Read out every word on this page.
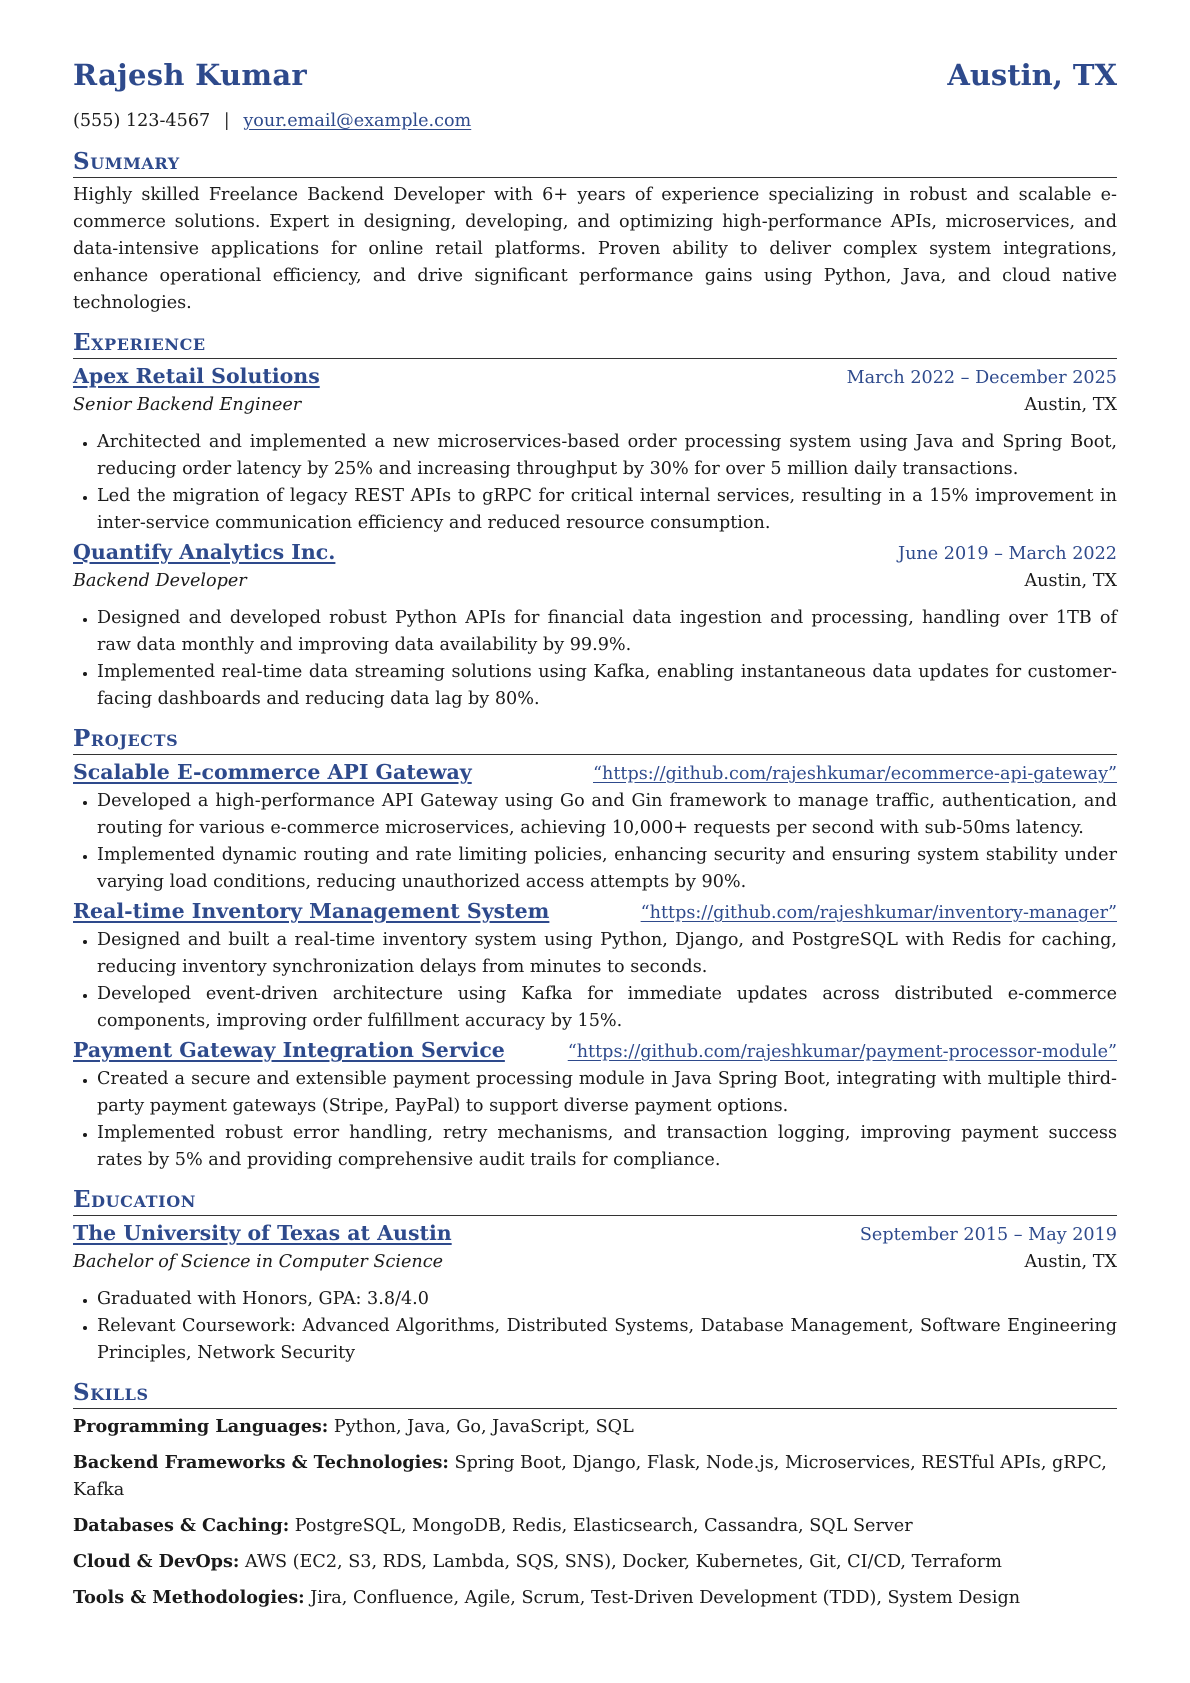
Rajesh Kumar	Austin, TX
(555) 123-4567 | your.email@example.com
Summary

Highly skilled Freelance Backend Developer with 6+ years of experience specializing in robust and scalable e-commerce solutions. Expert in designing, developing, and optimizing high-performance APIs, microservices, and data-intensive applications for online retail platforms. Proven ability to deliver complex system integrations, enhance operational efficiency, and drive significant performance gains using Python, Java, and cloud native technologies.

Experience
Apex Retail Solutions	March 2022 – December 2025
Senior Backend Engineer	Austin, TX
• Architected and implemented a new microservices-based order processing system using Java and Spring Boot, reducing order latency by 25% and increasing throughput by 30% for over 5 million daily transactions.
• Led the migration of legacy REST APIs to gRPC for critical internal services, resulting in a 15% improvement in inter-service communication efficiency and reduced resource consumption.
Quantify Analytics Inc.	June 2019 – March 2022
Backend Developer	Austin, TX
• Designed and developed robust Python APIs for financial data ingestion and processing, handling over 1TB of raw data monthly and improving data availability by 99.9%.
• Implemented real-time data streaming solutions using Kafka, enabling instantaneous data updates for customer-facing dashboards and reducing data lag by 80%.
Projects
Scalable E-commerce API Gateway	“https://github.com/rajeshkumar/ecommerce-api-gateway”
• Developed a high-performance API Gateway using Go and Gin framework to manage traffic, authentication, and routing for various e-commerce microservices, achieving 10,000+ requests per second with sub-50ms latency.
• Implemented dynamic routing and rate limiting policies, enhancing security and ensuring system stability under varying load conditions, reducing unauthorized access attempts by 90%.
Real-time Inventory Management System	“https://github.com/rajeshkumar/inventory-manager”
• Designed and built a real-time inventory system using Python, Django, and PostgreSQL with Redis for caching, reducing inventory synchronization delays from minutes to seconds.
• Developed event-driven architecture using Kafka for immediate updates across distributed e-commerce components, improving order fulfillment accuracy by 15%.
Payment Gateway Integration Service	“https://github.com/rajeshkumar/payment-processor-module”
• Created a secure and extensible payment processing module in Java Spring Boot, integrating with multiple third-party payment gateways (Stripe, PayPal) to support diverse payment options.
• Implemented robust error handling, retry mechanisms, and transaction logging, improving payment success rates by 5% and providing comprehensive audit trails for compliance.
Education
The University of Texas at Austin	September 2015 – May 2019
Bachelor of Science in Computer Science	Austin, TX
• Graduated with Honors, GPA: 3.8/4.0
• Relevant Coursework: Advanced Algorithms, Distributed Systems, Database Management, Software Engineering Principles, Network Security
Skills

Programming Languages: Python, Java, Go, JavaScript, SQL

Backend Frameworks & Technologies: Spring Boot, Django, Flask, Node.js, Microservices, RESTful APIs, gRPC, Kafka

Databases & Caching: PostgreSQL, MongoDB, Redis, Elasticsearch, Cassandra, SQL Server

Cloud & DevOps: AWS (EC2, S3, RDS, Lambda, SQS, SNS), Docker, Kubernetes, Git, CI/CD, Terraform

Tools & Methodologies: Jira, Confluence, Agile, Scrum, Test-Driven Development (TDD), System Design
